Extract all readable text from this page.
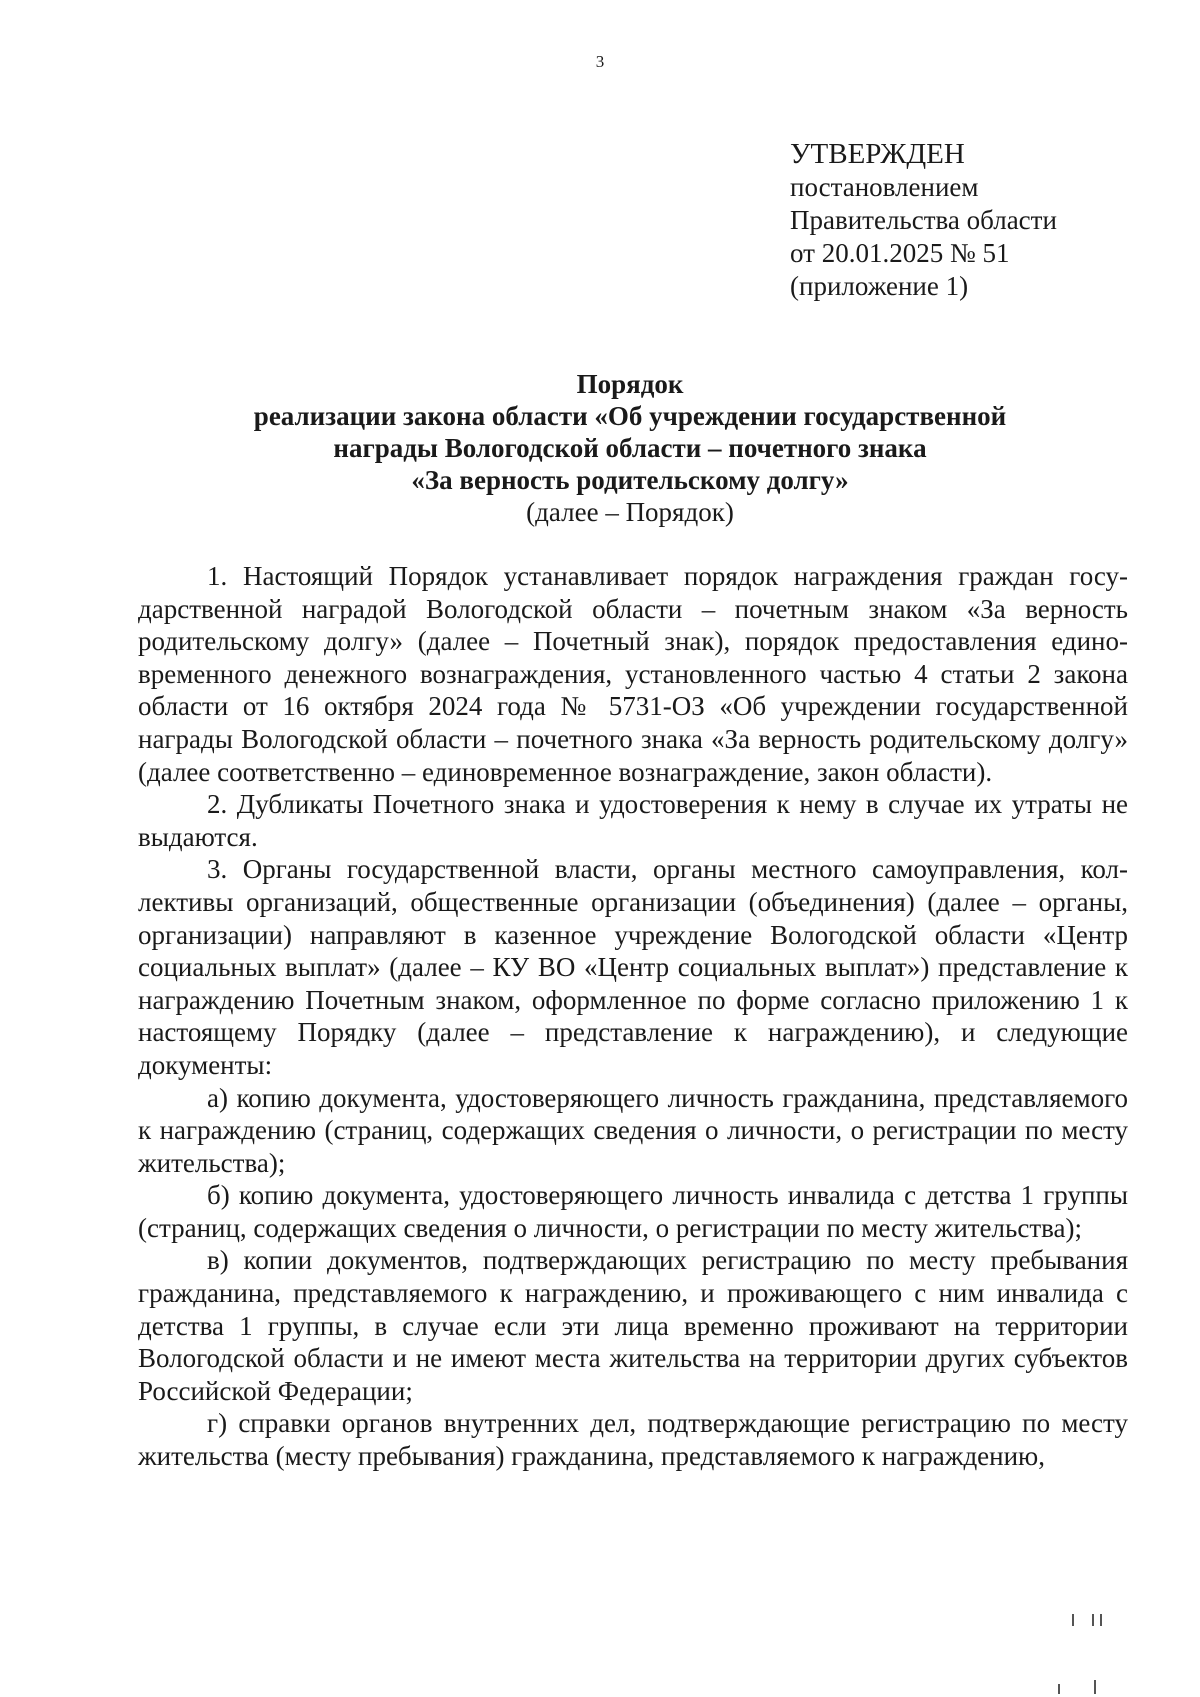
3
УТВЕРЖДЕН
постановлением
Правительства области
от 20.01.2025 № 51
(приложение 1)
Порядок
реализации закона области «Об учреждении государственной
награды Вологодской области – почетного знака
«За верность родительскому долгу»
(далее – Порядок)

1. Настоящий Порядок устанавливает порядок награждения граждан государственной наградой Вологодской области – почетным знаком «За верность родительскому долгу» (далее – Почетный знак), порядок предоставления единовременного денежного вознаграждения, установленного частью 4 статьи 2 закона области от 16 октября 2024 года № 5731-ОЗ «Об учреждении государственной награды Вологодской области – почетного знака «За верность родительскому долгу» (далее соответственно – единовременное вознаграждение, закон области).

2. Дубликаты Почетного знака и удостоверения к нему в случае их утраты не выдаются.

3. Органы государственной власти, органы местного самоуправления, коллективы организаций, общественные организации (объединения) (далее – органы, организации) направляют в казенное учреждение Вологодской области «Центр социальных выплат» (далее – КУ ВО «Центр социальных выплат») представление к награждению Почетным знаком, оформленное по форме согласно приложению 1 к настоящему Порядку (далее – представление к награждению), и следующие документы:

а) копию документа, удостоверяющего личность гражданина, представляемого к награждению (страниц, содержащих сведения о личности, о регистрации по месту жительства);

б) копию документа, удостоверяющего личность инвалида с детства 1 группы (страниц, содержащих сведения о личности, о регистрации по месту жительства);

в) копии документов, подтверждающих регистрацию по месту пребывания гражданина, представляемого к награждению, и проживающего с ним инвалида с детства 1 группы, в случае если эти лица временно проживают на территории Вологодской области и не имеют места жительства на территории других субъектов Российской Федерации;

г) справки органов внутренних дел, подтверждающие регистрацию по месту жительства (месту пребывания) гражданина, представляемого к награждению,
